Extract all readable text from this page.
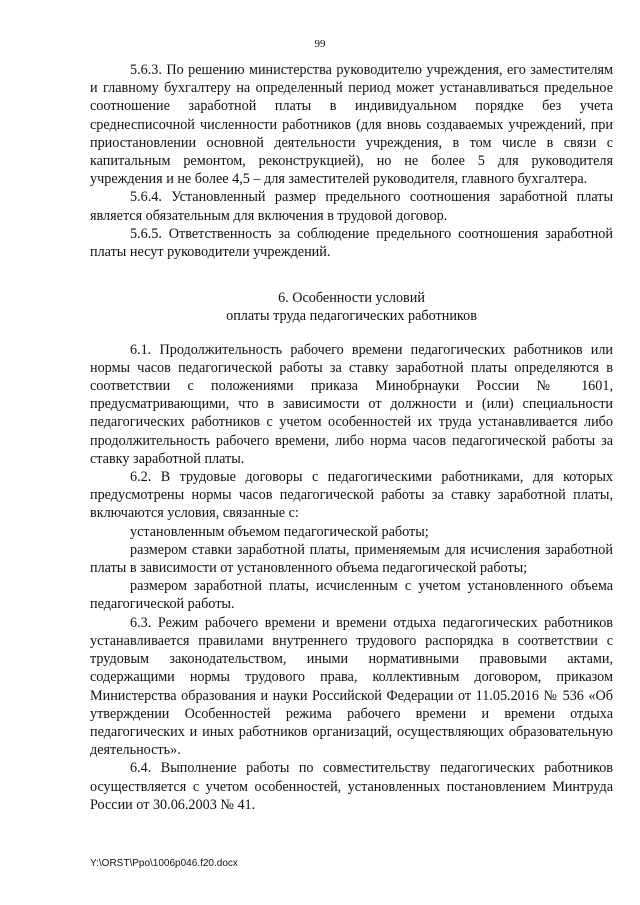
99

5.6.3. По решению министерства руководителю учреждения, его заместителям и главному бухгалтеру на определенный период может устанавливаться предельное соотношение заработной платы в индивидуальном порядке без учета среднесписочной численности работников (для вновь создаваемых учреждений, при приостановлении основной деятельности учреждения, в том числе в связи с капитальным ремонтом, реконструкцией), но не более 5 для руководителя учреждения и не более 4,5 – для заместителей руководителя, главного бухгалтера.

5.6.4. Установленный размер предельного соотношения заработной платы является обязательным для включения в трудовой договор.

5.6.5. Ответственность за соблюдение предельного соотношения заработной платы несут руководители учреждений.

6. Особенности условий
оплаты труда педагогических работников

6.1. Продолжительность рабочего времени педагогических работников или нормы часов педагогической работы за ставку заработной платы определяются в соответствии с положениями приказа Минобрнауки России № 1601, предусматривающими, что в зависимости от должности и (или) специальности педагогических работников с учетом особенностей их труда устанавливается либо продолжительность рабочего времени, либо норма часов педагогической работы за ставку заработной платы.

6.2. В трудовые договоры с педагогическими работниками, для которых предусмотрены нормы часов педагогической работы за ставку заработной платы, включаются условия, связанные с:

установленным объемом педагогической работы;

размером ставки заработной платы, применяемым для исчисления заработной платы в зависимости от установленного объема педагогической работы;

размером заработной платы, исчисленным с учетом установленного объема педагогической работы.

6.3. Режим рабочего времени и времени отдыха педагогических работников устанавливается правилами внутреннего трудового распорядка в соответствии с трудовым законодательством, иными нормативными правовыми актами, содержащими нормы трудового права, коллективным договором, приказом Министерства образования и науки Российской Федерации от 11.05.2016 № 536 «Об утверждении Особенностей режима рабочего времени и времени отдыха педагогических и иных работников организаций, осуществляющих образовательную деятельность».

6.4. Выполнение работы по совместительству педагогических работников осуществляется с учетом особенностей, установленных постановлением Минтруда России от 30.06.2003 № 41.

Y:\ORST\Ppo\1006p046.f20.docx
